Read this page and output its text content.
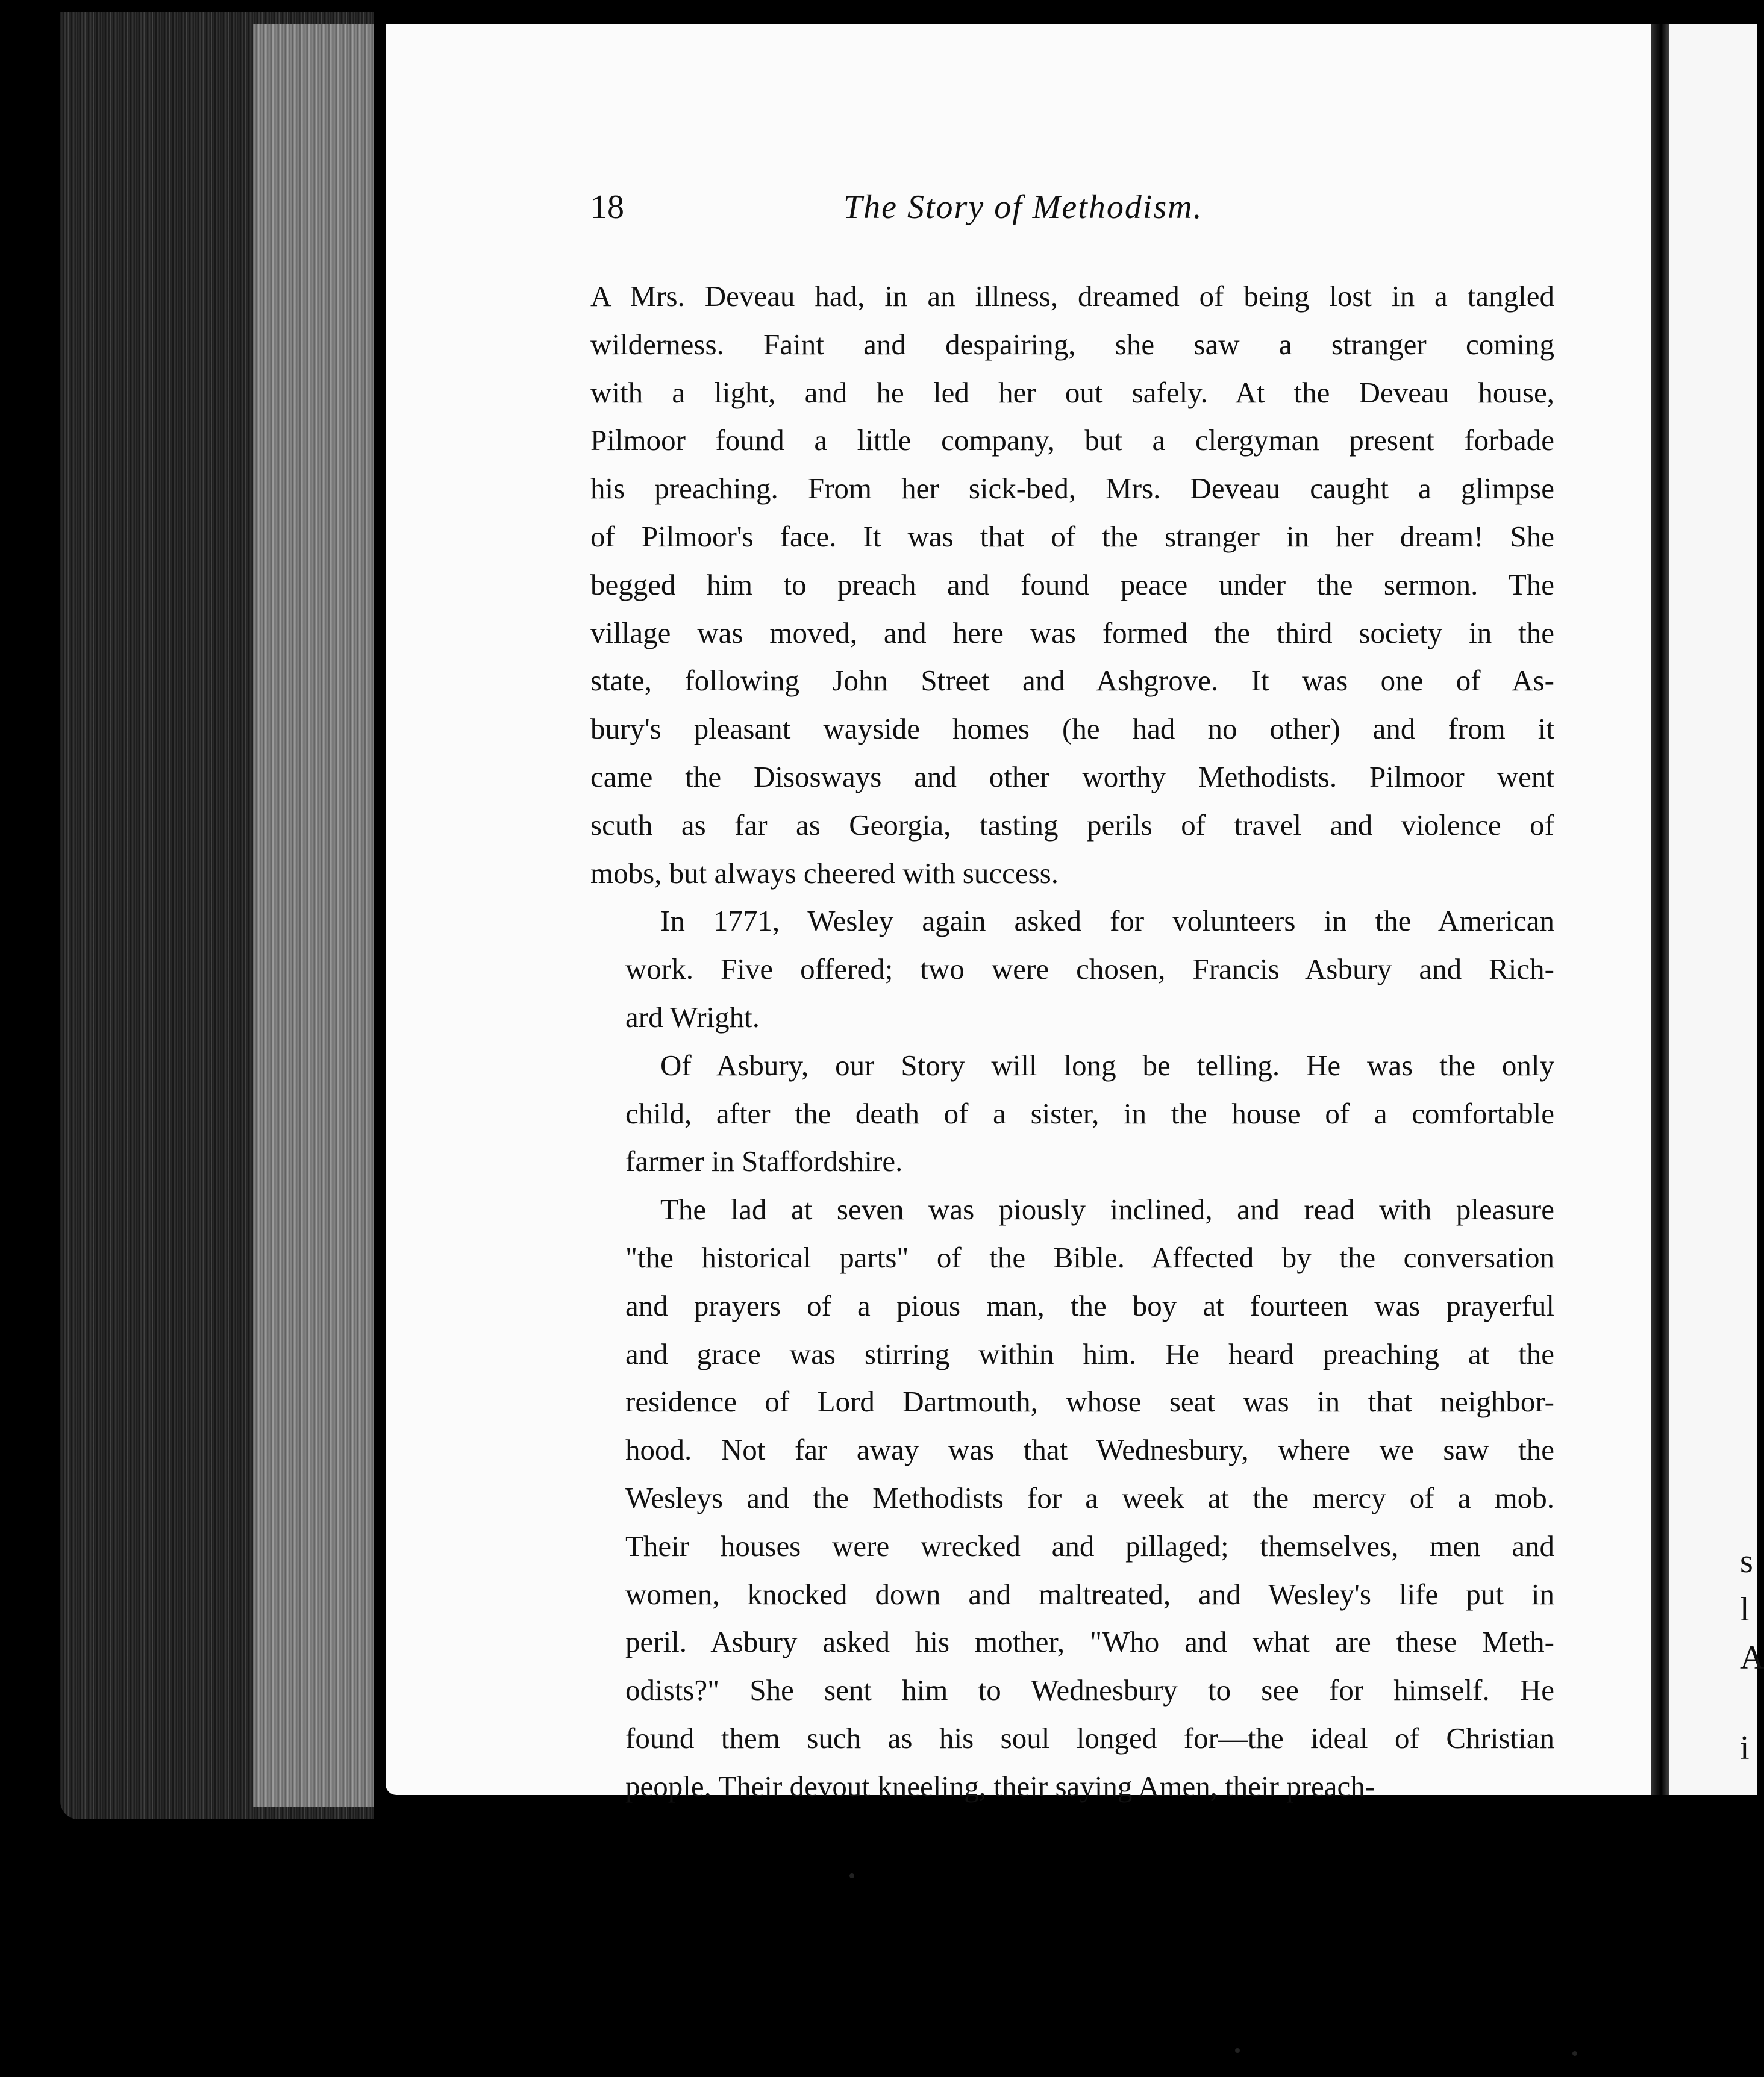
s
l
A
i
18	The Story of Methodism.

A Mrs. Deveau had, in an illness, dreamed of being lost in a tangled
wilderness. Faint and despairing, she saw a stranger coming
with a light, and he led her out safely. At the Deveau house,
Pilmoor found a little company, but a clergyman present forbade
his preaching. From her sick-bed, Mrs. Deveau caught a glimpse
of Pilmoor's face. It was that of the stranger in her dream! She
begged him to preach and found peace under the sermon. The
village was moved, and here was formed the third society in the
state, following John Street and Ashgrove. It was one of As-
bury's pleasant wayside homes (he had no other) and from it
came the Disosways and other worthy Methodists. Pilmoor went
scuth as far as Georgia, tasting perils of travel and violence of
mobs, but always cheered with success.

In 1771, Wesley again asked for volunteers in the American
work. Five offered; two were chosen, Francis Asbury and Rich-
ard Wright.

Of Asbury, our Story will long be telling. He was the only
child, after the death of a sister, in the house of a comfortable
farmer in Staffordshire.

The lad at seven was piously inclined, and read with pleasure
"the historical parts" of the Bible. Affected by the conversation
and prayers of a pious man, the boy at fourteen was prayerful
and grace was stirring within him. He heard preaching at the
residence of Lord Dartmouth, whose seat was in that neighbor-
hood. Not far away was that Wednesbury, where we saw the
Wesleys and the Methodists for a week at the mercy of a mob.
Their houses were wrecked and pillaged; themselves, men and
women, knocked down and maltreated, and Wesley's life put in
peril. Asbury asked his mother, "Who and what are these Meth-
odists?" She sent him to Wednesbury to see for himself. He
found them such as his soul longed for—the ideal of Christian
people. Their devout kneeling, their saying Amen, their preach-
